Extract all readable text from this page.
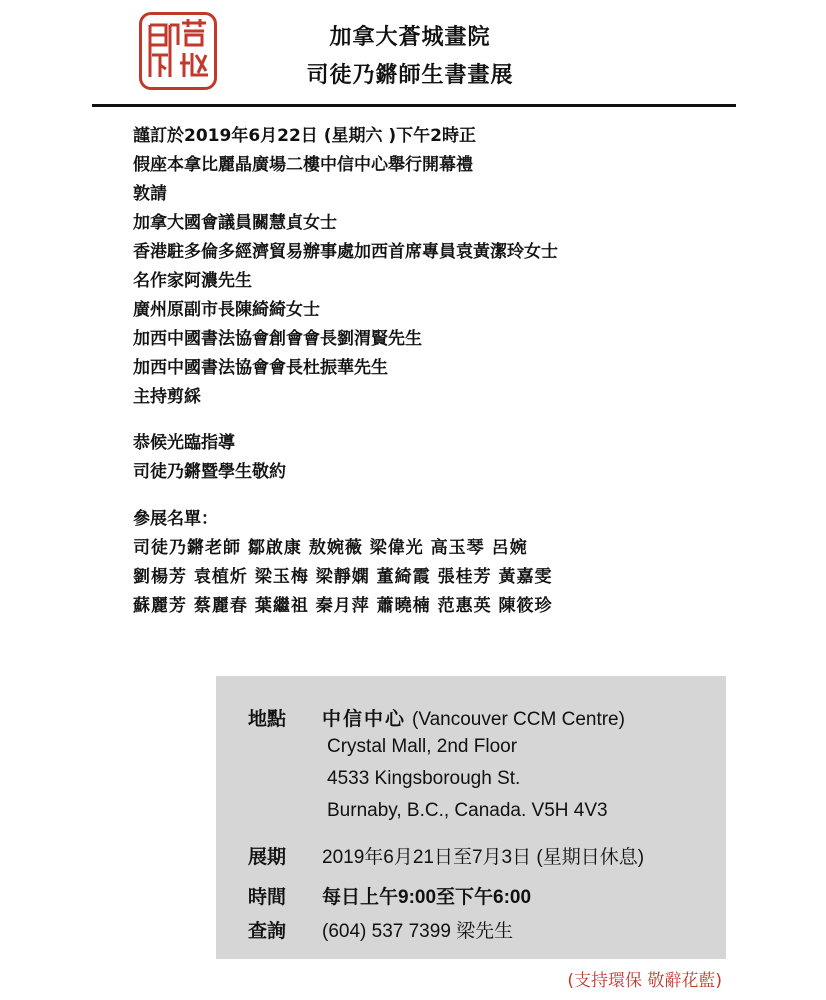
加拿大蒼城畫院
司徒乃鏘師生書畫展
謹訂於2019年6月22日 (星期六 )下午2時正
假座本拿比麗晶廣場二樓中信中心舉行開幕禮
敦請
加拿大國會議員關慧貞女士
香港駐多倫多經濟貿易辦事處加西首席專員袁黃潔玲女士
名作家阿濃先生
廣州原副市長陳綺綺女士
加西中國書法協會創會會長劉渭賢先生
加西中國書法協會會長杜振華先生
主持剪綵
恭候光臨指導
司徒乃鏘暨學生敬約
參展名單：
司徒乃鏘老師 鄒啟康 敖婉薇 梁偉光 高玉琴 呂婉
劉楊芳 袁植炘 梁玉梅 梁靜嫻 董綺霞 張桂芳 黃嘉雯
蘇麗芳 蔡麗春 葉繼祖 秦月萍 蕭曉楠 范惠英 陳筱珍
地點 中信中心 (Vancouver CCM Centre)
Crystal Mall, 2nd Floor
4533 Kingsborough St.
Burnaby, B.C., Canada. V5H 4V3
展期 2019年6月21日至7月3日 (星期日休息)
時間 每日上午9:00至下午6:00
查詢 (604) 537 7399 梁先生
(支持環保 敬辭花藍)
